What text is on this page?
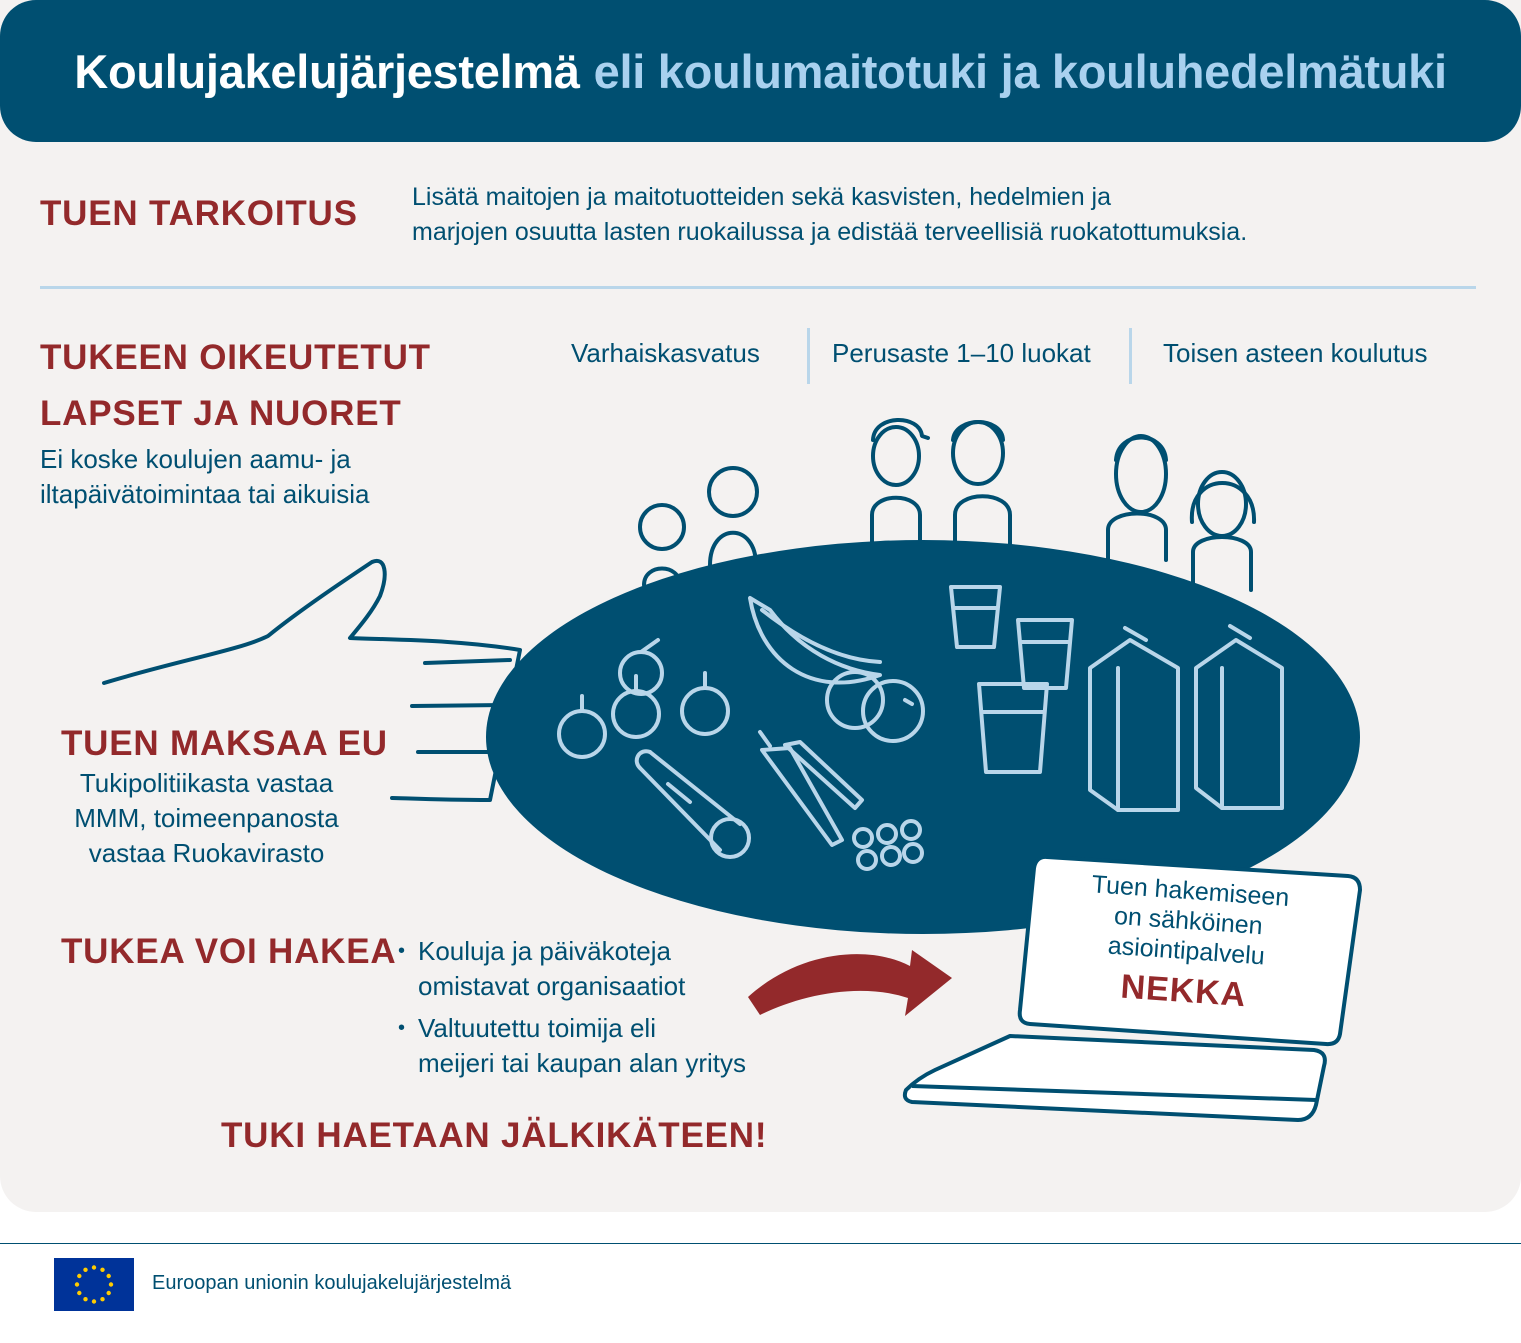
Koulujakelujärjestelmä eli koulumaitotuki ja kouluhedelmätuki
TUEN TARKOITUS Lisätä maitojen ja maitotuotteiden sekä kasvisten, hedelmien ja
marjojen osuutta lasten ruokailussa ja edistää terveellisiä ruokatottumuksia.
TUKEEN OIKEUTETUT
LAPSET JA NUORET
Ei koske koulujen aamu- ja
iltapäivätoimintaa tai aikuisia
Varhaiskasvatus	Perusaste 1–10 luokat	Toisen asteen koulutus
TUEN MAKSAA EU
Tukipolitiikasta vastaa
MMM, toimeenpanosta
vastaa Ruokavirasto
TUKEA VOI HAKEA
• Kouluja ja päiväkoteja
omistavat organisaatiot
• Valtuutettu toimija eli
meijeri tai kaupan alan yritys
Tuen hakemiseen
on sähköinen
asiointipalvelu
NEKKA
TUKI HAETAAN JÄLKIKÄTEEN!
Euroopan unionin koulujakelujärjestelmä
